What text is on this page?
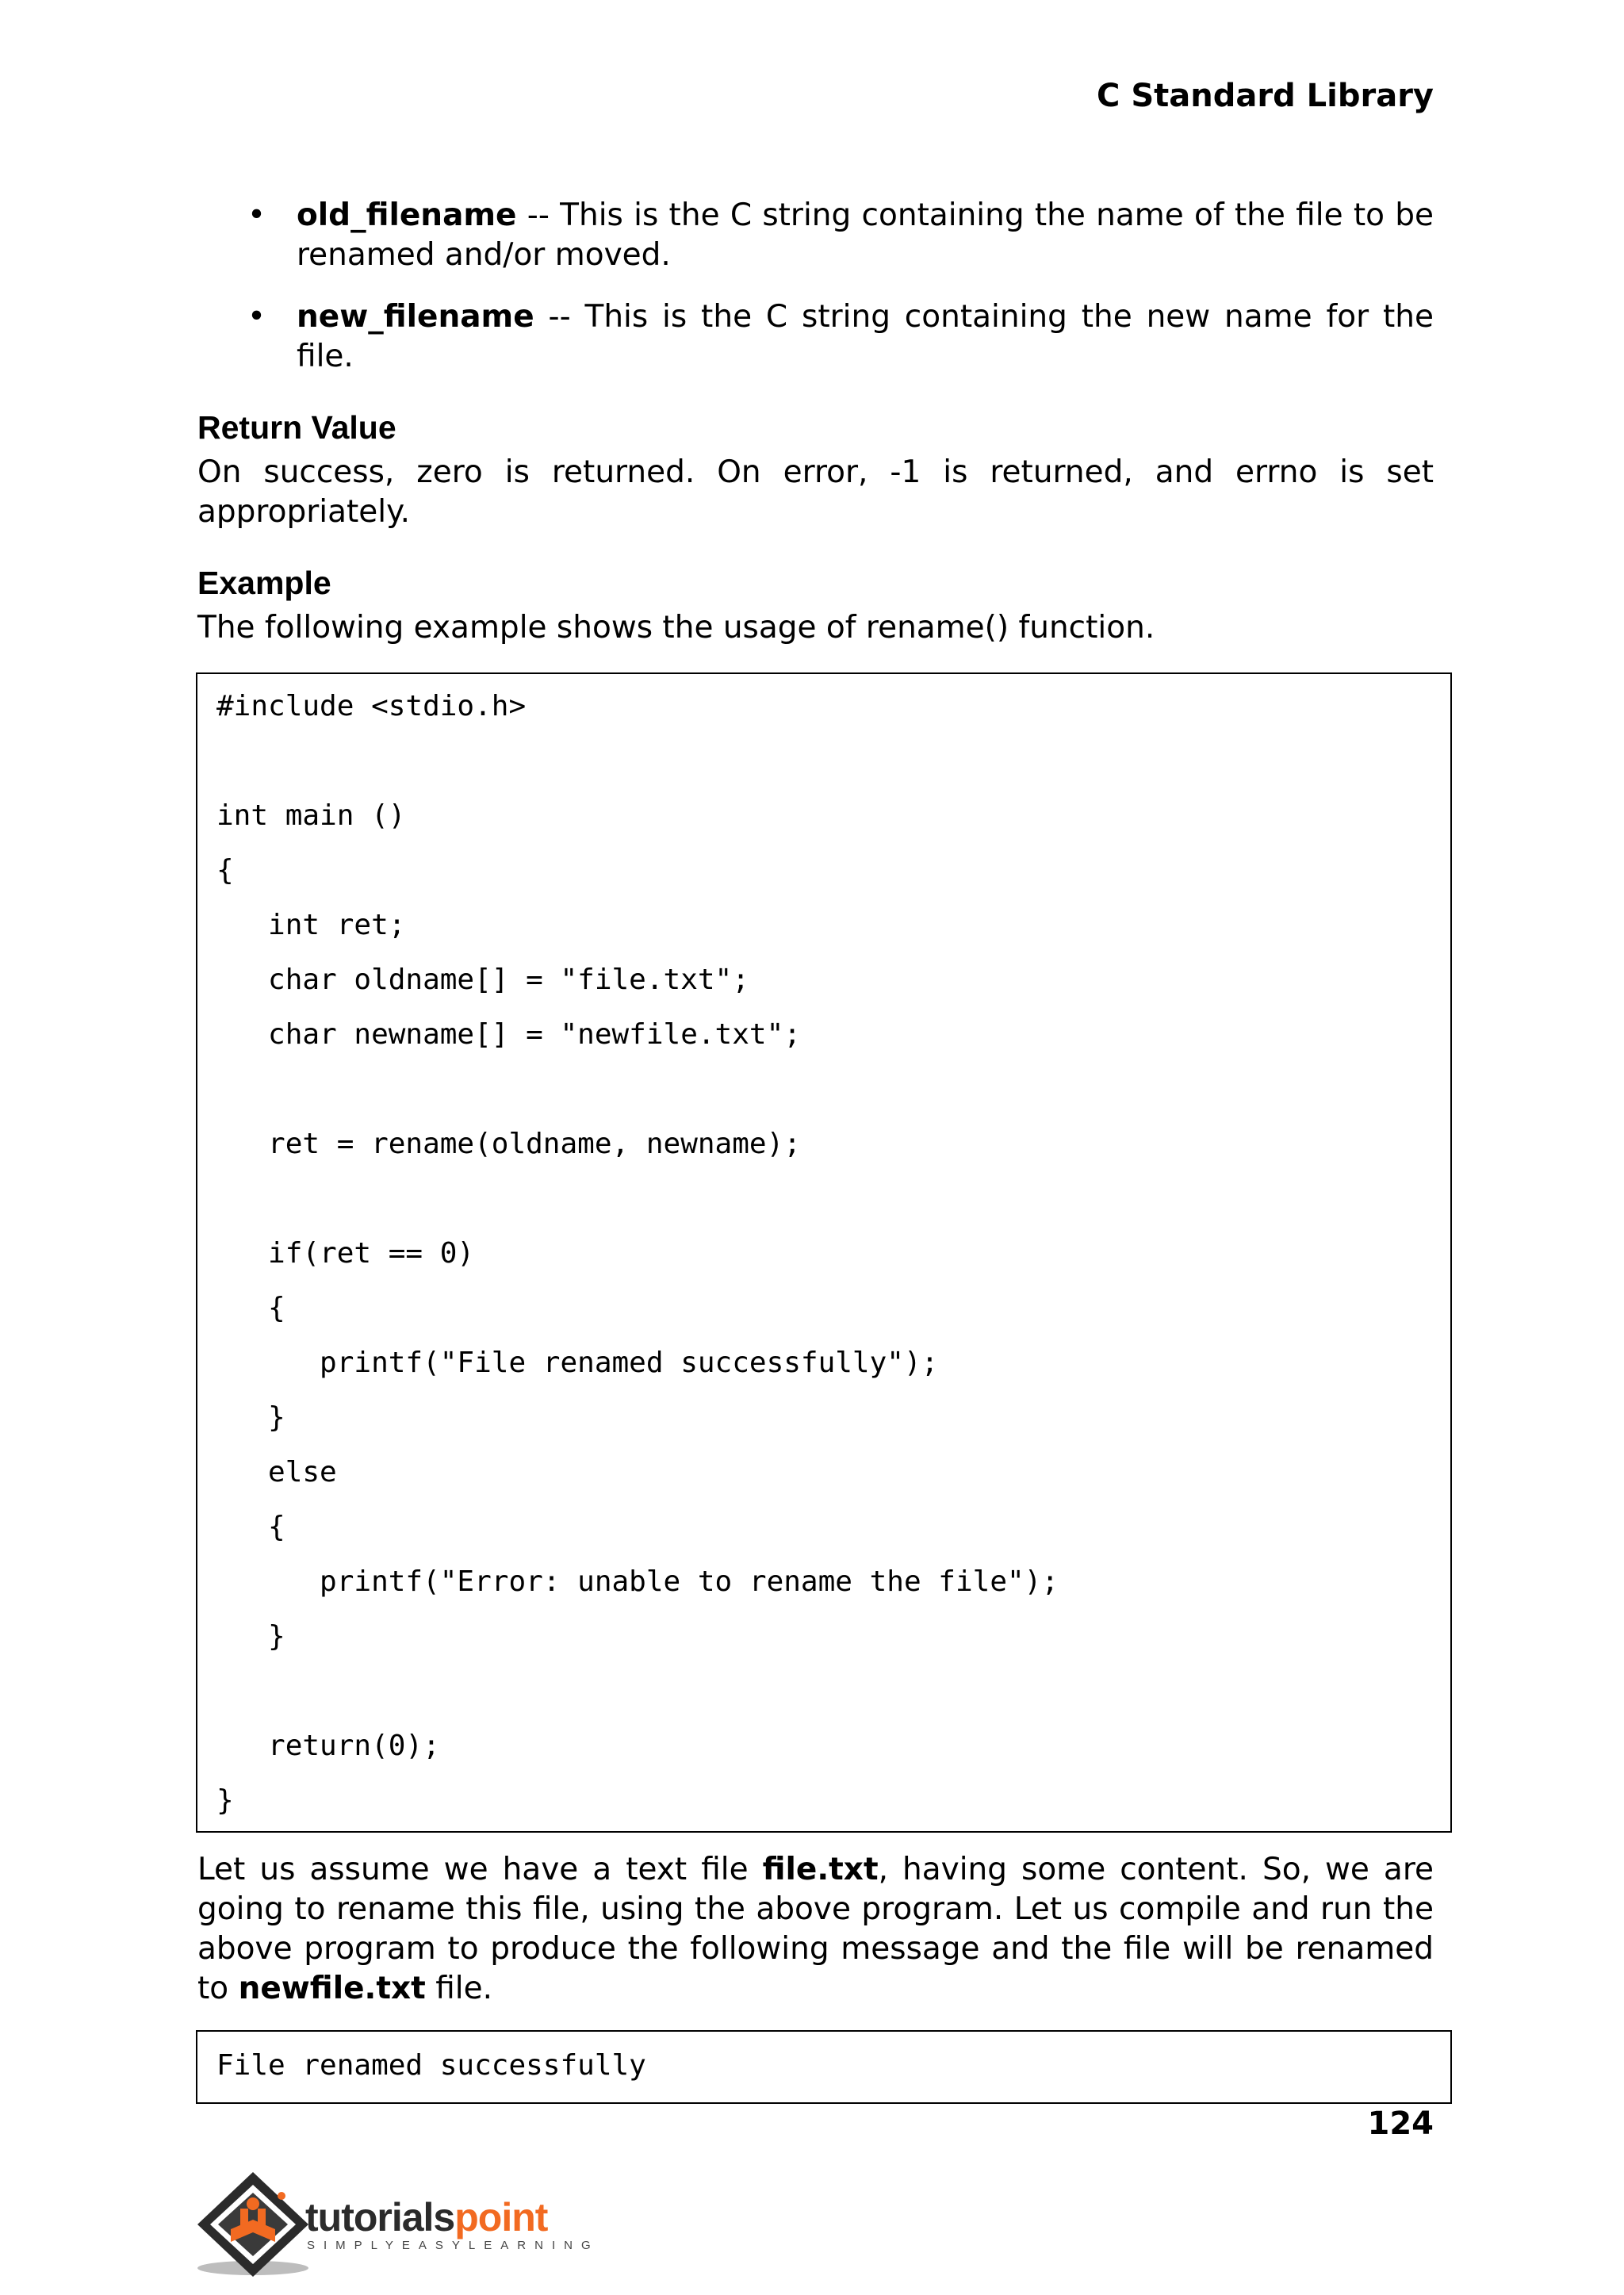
C Standard Library
• old_filename -- This is the C string containing the name of the file to be renamed and/or moved.
• new_filename -- This is the C string containing the new name for the file.
Return Value
On success, zero is returned. On error, -1 is returned, and errno is set appropriately.
Example
The following example shows the usage of rename() function.
#include <stdio.h>
int main ()
{
int ret;
char oldname[] = "file.txt";
char newname[] = "newfile.txt";
ret = rename(oldname, newname);
if(ret == 0)
{
printf("File renamed successfully");
}
else
{
printf("Error: unable to rename the file");
}
return(0);
}
Let us assume we have a text file file.txt, having some content. So, we are going to rename this file, using the above program. Let us compile and run the above program to produce the following message and the file will be renamed to newfile.txt file.
File renamed successfully
124
tutorialspoint
SIMPLYEASYLEARNING
